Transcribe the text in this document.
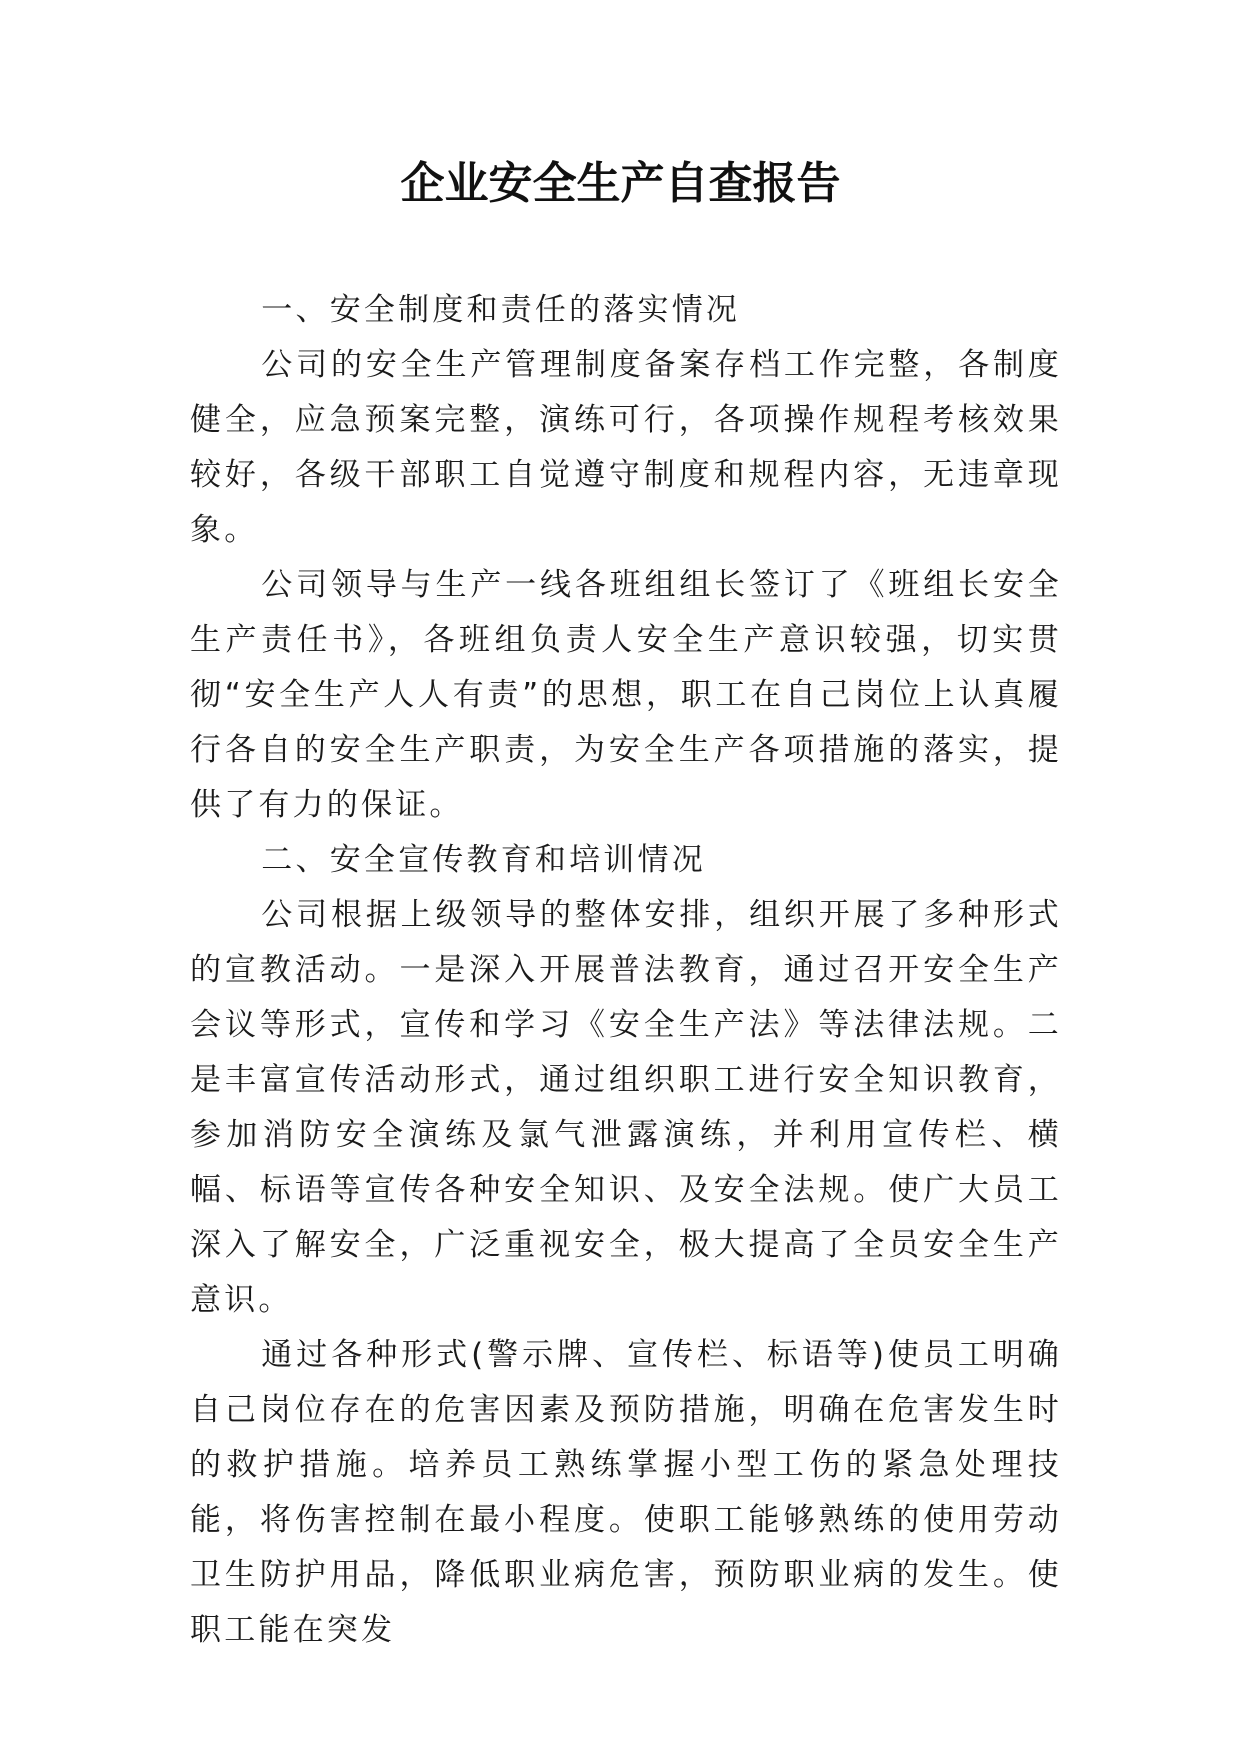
企业安全生产自查报告

一、安全制度和责任的落实情况

公司的安全生产管理制度备案存档工作完整，各制度健全，应急预案完整，演练可行，各项操作规程考核效果较好，各级干部职工自觉遵守制度和规程内容，无违章现象。

公司领导与生产一线各班组组长签订了《班组长安全生产责任书》，各班组负责人安全生产意识较强，切实贯彻“安全生产人人有责”的思想，职工在自己岗位上认真履行各自的安全生产职责，为安全生产各项措施的落实，提供了有力的保证。

二、安全宣传教育和培训情况

公司根据上级领导的整体安排，组织开展了多种形式的宣教活动。一是深入开展普法教育，通过召开安全生产会议等形式，宣传和学习《安全生产法》等法律法规。二是丰富宣传活动形式，通过组织职工进行安全知识教育，参加消防安全演练及氯气泄露演练，并利用宣传栏、横幅、标语等宣传各种安全知识、及安全法规。使广大员工深入了解安全，广泛重视安全，极大提高了全员安全生产意识。

通过各种形式(警示牌、宣传栏、标语等)使员工明确自己岗位存在的危害因素及预防措施，明确在危害发生时的救护措施。培养员工熟练掌握小型工伤的紧急处理技能，将伤害控制在最小程度。使职工能够熟练的使用劳动卫生防护用品，降低职业病危害，预防职业病的发生。使职工能在突发
